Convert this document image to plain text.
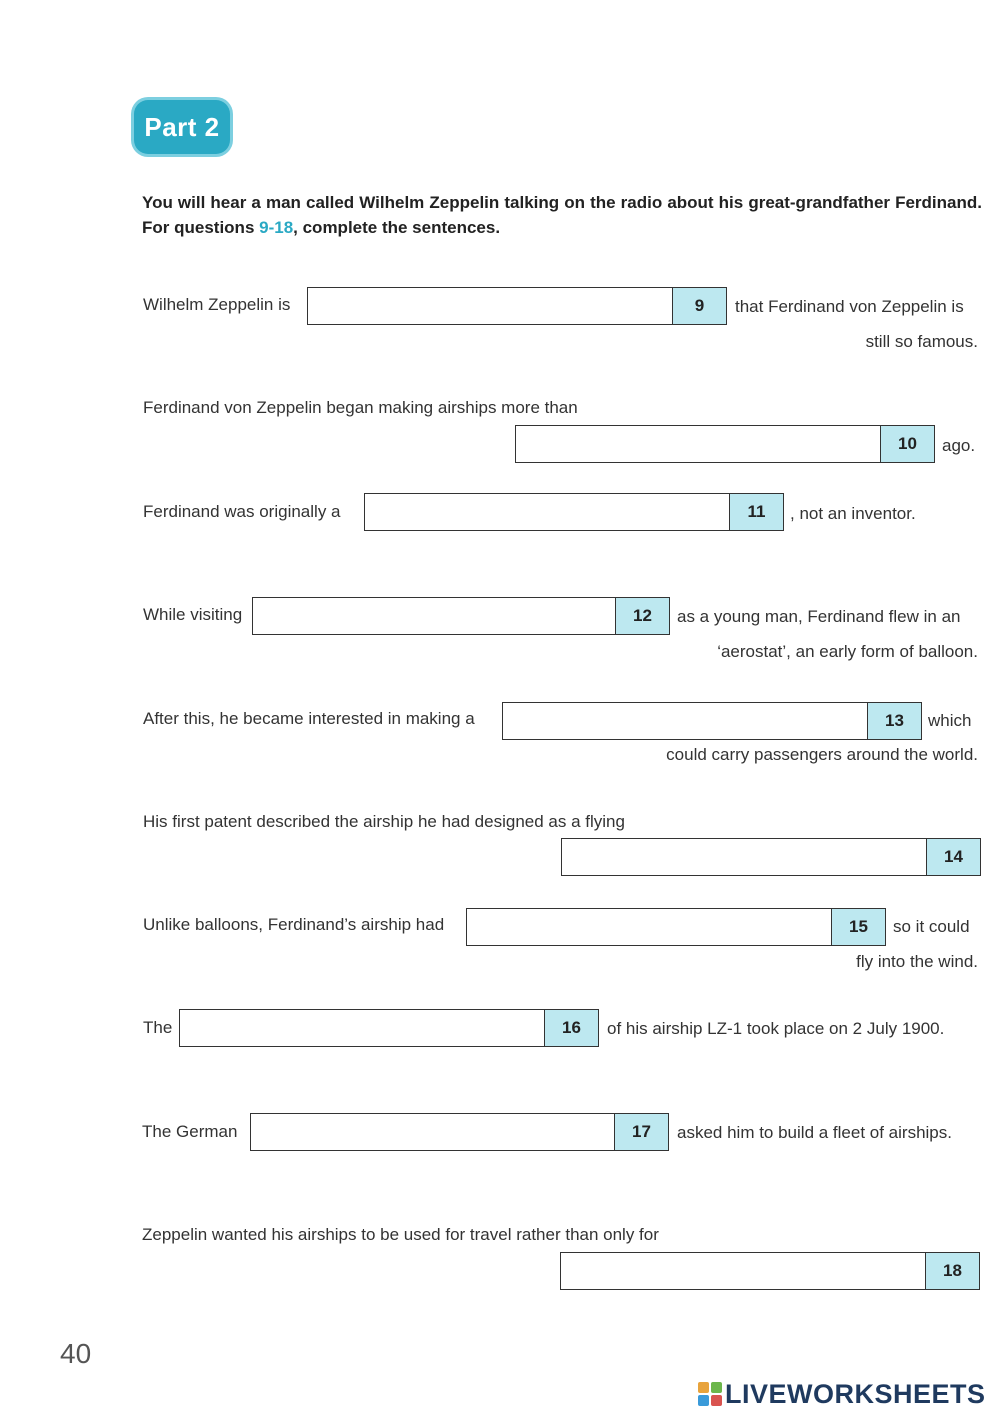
Part 2
You will hear a man called Wilhelm Zeppelin talking on the radio about his great-grandfather Ferdinand. For questions 9-18, complete the sentences.
Wilhelm Zeppelin is	9	that Ferdinand von Zeppelin is
still so famous.
Ferdinand von Zeppelin began making airships more than
10	ago.
Ferdinand was originally a	11	, not an inventor.
While visiting	12	as a young man, Ferdinand flew in an
‘aerostat’, an early form of balloon.
After this, he became interested in making a	13	which
could carry passengers around the world.
His first patent described the airship he had designed as a flying
14
Unlike balloons, Ferdinand’s airship had	15	so it could
fly into the wind.
The	16	of his airship LZ-1 took place on 2 July 1900.
The German	17	asked him to build a fleet of airships.
Zeppelin wanted his airships to be used for travel rather than only for
18
40
LIVEWORKSHEETS
